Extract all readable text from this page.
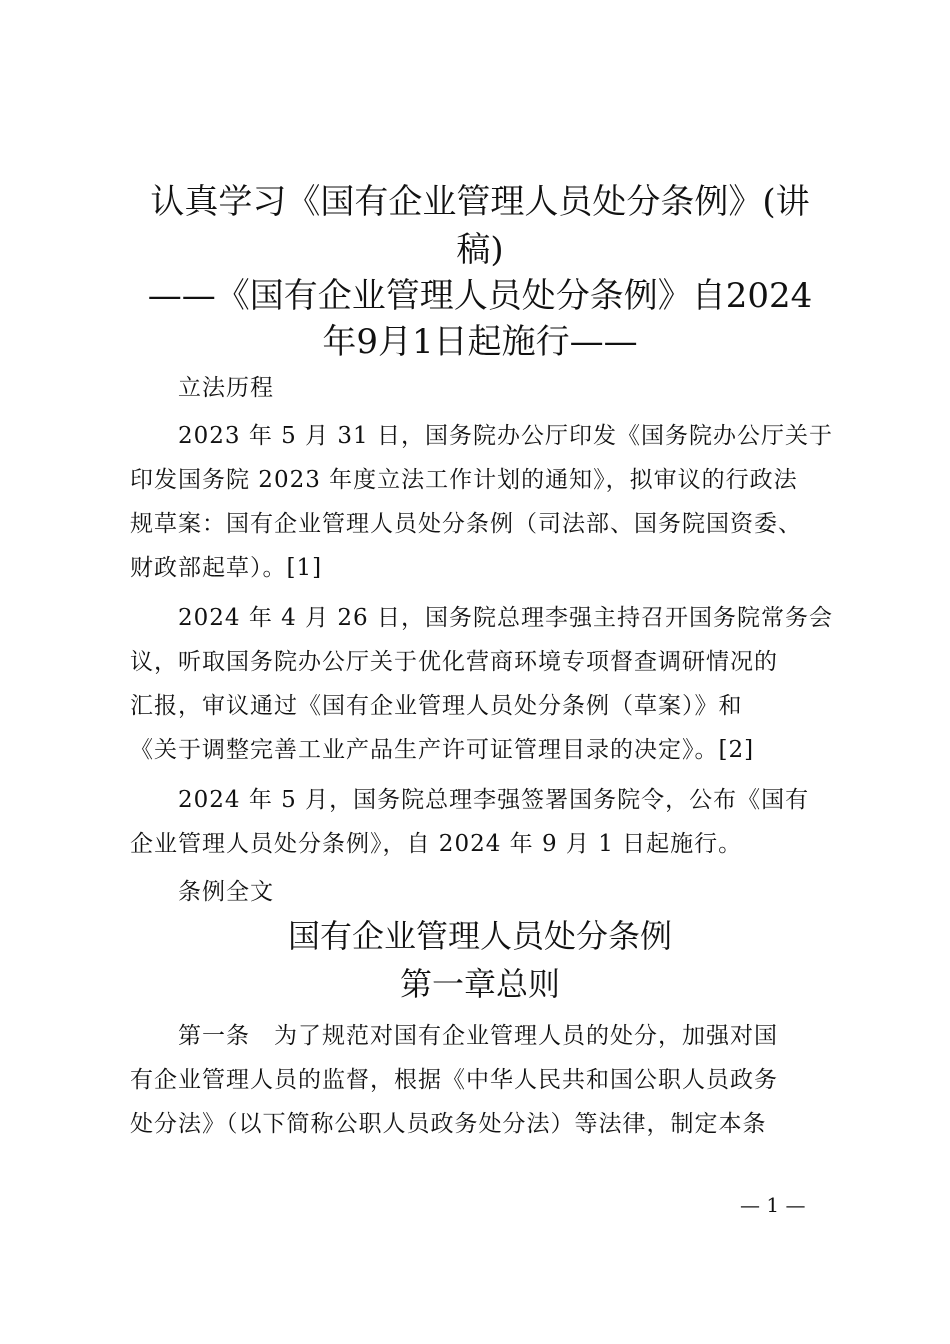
认真学习《国有企业管理人员处分条例》(讲
稿)
——《国有企业管理人员处分条例》自2024
年9月1日起施行——

立法历程

2023 年 5 月 31 日，国务院办公厅印发《国务院办公厅关于

印发国务院 2023 年度立法工作计划的通知》，拟审议的行政法

规草案：国有企业管理人员处分条例（司法部、国务院国资委、

财政部起草）。[1]

2024 年 4 月 26 日，国务院总理李强主持召开国务院常务会

议，听取国务院办公厅关于优化营商环境专项督查调研情况的

汇报，审议通过《国有企业管理人员处分条例（草案）》和

《关于调整完善工业产品生产许可证管理目录的决定》。[2]

2024 年 5 月，国务院总理李强签署国务院令，公布《国有

企业管理人员处分条例》，自 2024 年 9 月 1 日起施行。

条例全文

国有企业管理人员处分条例
第一章总则

第一条　为了规范对国有企业管理人员的处分，加强对国

有企业管理人员的监督，根据《中华人民共和国公职人员政务

处分法》（以下简称公职人员政务处分法）等法律，制定本条

— 1 —
